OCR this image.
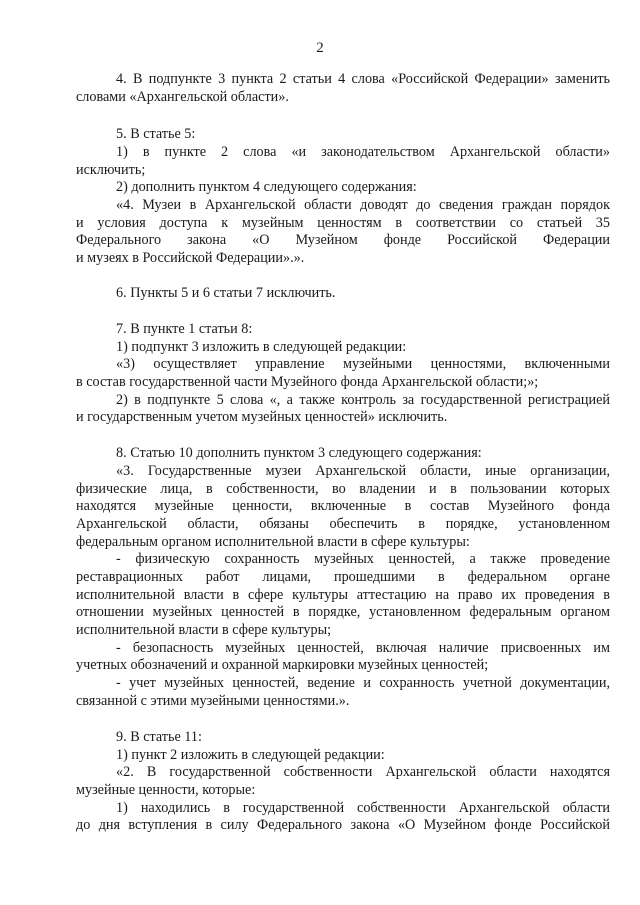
2
4. В подпункте 3 пункта 2 статьи 4 слова «Российской Федерации» заменить
словами «Архангельской области».
5. В статье 5:
1) в пункте 2 слова «и законодательством Архангельской области»
исключить;
2) дополнить пунктом 4 следующего содержания:
«4. Музеи в Архангельской области доводят до сведения граждан порядок
и условия доступа к музейным ценностям в соответствии со статьей 35
Федерального закона «О Музейном фонде Российской Федерации
и музеях в Российской Федерации».».
6. Пункты 5 и 6 статьи 7 исключить.
7. В пункте 1 статьи 8:
1) подпункт 3 изложить в следующей редакции:
«3) осуществляет управление музейными ценностями, включенными
в состав государственной части Музейного фонда Архангельской области;»;
2) в подпункте 5 слова «, а также контроль за государственной регистрацией
и государственным учетом музейных ценностей» исключить.
8. Статью 10 дополнить пунктом 3 следующего содержания:
«3. Государственные музеи Архангельской области, иные организации,
физические лица, в собственности, во владении и в пользовании которых
находятся музейные ценности, включенные в состав Музейного фонда
Архангельской области, обязаны обеспечить в порядке, установленном
федеральным органом исполнительной власти в сфере культуры:
- физическую сохранность музейных ценностей, а также проведение
реставрационных работ лицами, прошедшими в федеральном органе
исполнительной власти в сфере культуры аттестацию на право их проведения в
отношении музейных ценностей в порядке, установленном федеральным органом
исполнительной власти в сфере культуры;
- безопасность музейных ценностей, включая наличие присвоенных им
учетных обозначений и охранной маркировки музейных ценностей;
- учет музейных ценностей, ведение и сохранность учетной документации,
связанной с этими музейными ценностями.».
9. В статье 11:
1) пункт 2 изложить в следующей редакции:
«2. В государственной собственности Архангельской области находятся
музейные ценности, которые:
1) находились в государственной собственности Архангельской области
до дня вступления в силу Федерального закона «О Музейном фонде Российской
